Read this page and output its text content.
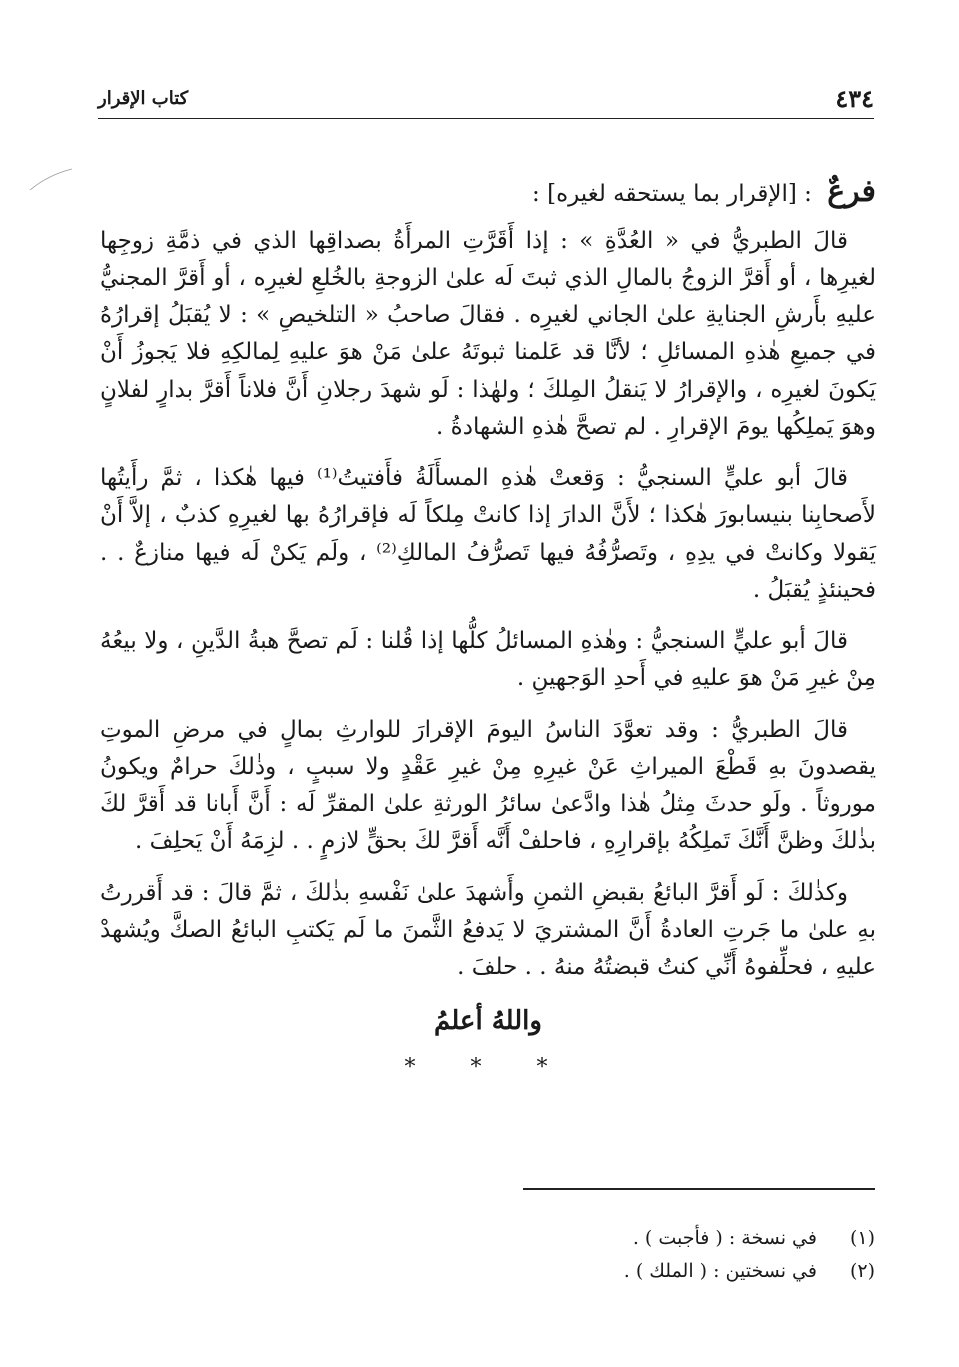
٤٣٤
كتاب الإقرار

فرعٌ : [الإقرار بما يستحقه لغيره] :

قالَ الطبريُّ في « العُدَّةِ » : إذا أَقَرَّتِ المرأَةُ بصداقِها الذي في ذمَّةِ زوجِها لغيرِها ، أو أَقرَّ الزوجُ بالمالِ الذي ثبتَ لَه علىٰ الزوجةِ بالخُلعِ لغيرِه ، أو أَقرَّ المجنيُّ عليهِ بأَرشِ الجنايةِ علىٰ الجاني لغيرِه . فقالَ صاحبُ « التلخيصِ » : لا يُقبَلُ إقرارُهُ في جميعِ هٰذهِ المسائلِ ؛ لأنَّا قد عَلمنا ثبوتَهُ علىٰ مَنْ هوَ عليهِ لِمالكِهِ فلا يَجوزُ أَنْ يَكونَ لغيرِه ، والإقرارُ لا يَنقلُ المِلكَ ؛ ولهٰذا : لَو شهدَ رجلانِ أَنَّ فلاناً أَقرَّ بدارٍ لفلانٍ وهوَ يَملِكُها يومَ الإقرارِ . لم تصحَّ هٰذهِ الشهادةُ .

قالَ أبو عليٍّ السنجيُّ : وَقعتْ هٰذهِ المسأَلَةُ فأَفتيتُ⁽¹⁾ فيها هٰكذا ، ثمَّ رأَيتُها لأَصحابِنا بنيسابورَ هٰكذا ؛ لأَنَّ الدارَ إذا كانتْ مِلكاً لَه فإقرارُهُ بها لغيرِهِ كذبٌ ، إلاَّ أَنْ يَقولا وكانتْ في يدِهِ ، وتَصرُّفُهُ فيها تَصرُّفُ المالكِ⁽²⁾ ، ولَم يَكنْ لَه فيها منازعٌ . . فحينئذٍ يُقبَلُ .

قالَ أبو عليٍّ السنجيُّ : وهٰذهِ المسائلُ كلُّها إذا قُلنا : لَم تصحَّ هبةُ الدَّينِ ، ولا بيعُهُ مِنْ غيرِ مَنْ هوَ عليهِ في أَحدِ الوَجهينِ .

قالَ الطبريُّ : وقد تعوَّدَ الناسُ اليومَ الإقرارَ للوارثِ بمالٍ في مرضِ الموتِ يقصدونَ بهِ قَطْعَ الميراثِ عَنْ غيرِهِ مِنْ غيرِ عَقْدٍ ولا سببٍ ، وذٰلكَ حرامٌ ويكونُ موروثاً . ولَو حدثَ مِثلُ هٰذا وادَّعىٰ سائرُ الورثةِ علىٰ المقرِّ لَه : أَنَّ أَبانا قد أَقرَّ لكَ بذٰلكَ وظنَّ أَنَّكَ تَملِكُهُ بإقرارِهِ ، فاحلفْ أَنَّه أَقرَّ لكَ بحقٍّ لازمٍ . . لزِمَهُ أَنْ يَحلِفَ .

وكذٰلكَ : لَو أَقرَّ البائعُ بقبضِ الثمنِ وأَشهدَ علىٰ نَفْسهِ بذٰلكَ ، ثمَّ قالَ : قد أَقررتُ بهِ علىٰ ما جَرتِ العادةُ أَنَّ المشتريَ لا يَدفعُ الثَّمنَ ما لَم يَكتبِ البائعُ الصكَّ ويُشهدْ عليهِ ، فحلِّفوهُ أَنِّي كنتُ قبضتُهُ منهُ . . حلفَ .

واللهُ أعلمُ

* * *

(١) في نسخة : ( فأجبت ) .

(٢) في نسختين : ( الملك ) .
